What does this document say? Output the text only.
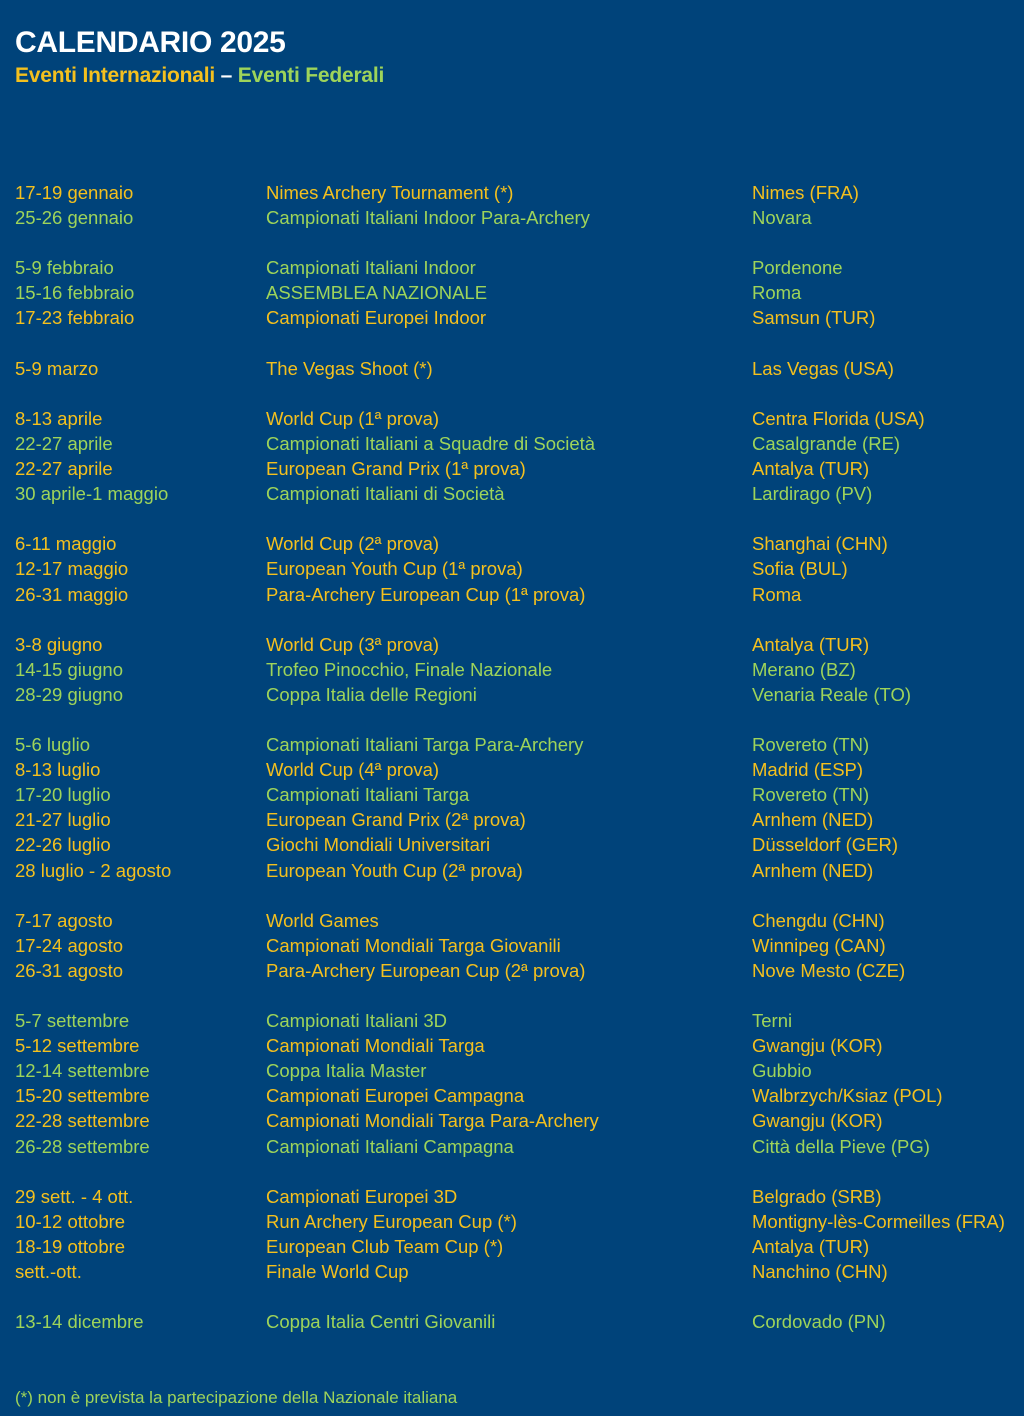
CALENDARIO 2025
Eventi Internazionali – Eventi Federali
17-19 gennaio	Nimes Archery Tournament (*)	Nimes (FRA)
25-26 gennaio	Campionati Italiani Indoor Para-Archery	Novara
5-9 febbraio	Campionati Italiani Indoor	Pordenone
15-16 febbraio	ASSEMBLEA NAZIONALE	Roma
17-23 febbraio	Campionati Europei Indoor	Samsun (TUR)
5-9 marzo	The Vegas Shoot (*)	Las Vegas (USA)
8-13 aprile	World Cup (1ª prova)	Centra Florida (USA)
22-27 aprile	Campionati Italiani a Squadre di Società	Casalgrande (RE)
22-27 aprile	European Grand Prix (1ª prova)	Antalya (TUR)
30 aprile-1 maggio	Campionati Italiani di Società	Lardirago (PV)
6-11 maggio	World Cup (2ª prova)	Shanghai (CHN)
12-17 maggio	European Youth Cup (1ª prova)	Sofia (BUL)
26-31 maggio	Para-Archery European Cup (1ª prova)	Roma
3-8 giugno	World Cup (3ª prova)	Antalya (TUR)
14-15 giugno	Trofeo Pinocchio, Finale Nazionale	Merano (BZ)
28-29 giugno	Coppa Italia delle Regioni	Venaria Reale (TO)
5-6 luglio	Campionati Italiani Targa Para-Archery	Rovereto (TN)
8-13 luglio	World Cup (4ª prova)	Madrid (ESP)
17-20 luglio	Campionati Italiani Targa	Rovereto (TN)
21-27 luglio	European Grand Prix (2ª prova)	Arnhem (NED)
22-26 luglio	Giochi Mondiali Universitari	Düsseldorf (GER)
28 luglio - 2 agosto	European Youth Cup (2ª prova)	Arnhem (NED)
7-17 agosto	World Games	Chengdu (CHN)
17-24 agosto	Campionati Mondiali Targa Giovanili	Winnipeg (CAN)
26-31 agosto	Para-Archery European Cup (2ª prova)	Nove Mesto (CZE)
5-7 settembre	Campionati Italiani 3D	Terni
5-12 settembre	Campionati Mondiali Targa	Gwangju (KOR)
12-14 settembre	Coppa Italia Master	Gubbio
15-20 settembre	Campionati Europei Campagna	Walbrzych/Ksiaz (POL)
22-28 settembre	Campionati Mondiali Targa Para-Archery	Gwangju (KOR)
26-28 settembre	Campionati Italiani Campagna	Città della Pieve (PG)
29 sett. - 4 ott.	Campionati Europei 3D	Belgrado (SRB)
10-12 ottobre	Run Archery European Cup (*)	Montigny-lès-Cormeilles (FRA)
18-19 ottobre	European Club Team Cup (*)	Antalya (TUR)
sett.-ott.	Finale World Cup	Nanchino (CHN)
13-14 dicembre	Coppa Italia Centri Giovanili	Cordovado (PN)
(*) non è prevista la partecipazione della Nazionale italiana
